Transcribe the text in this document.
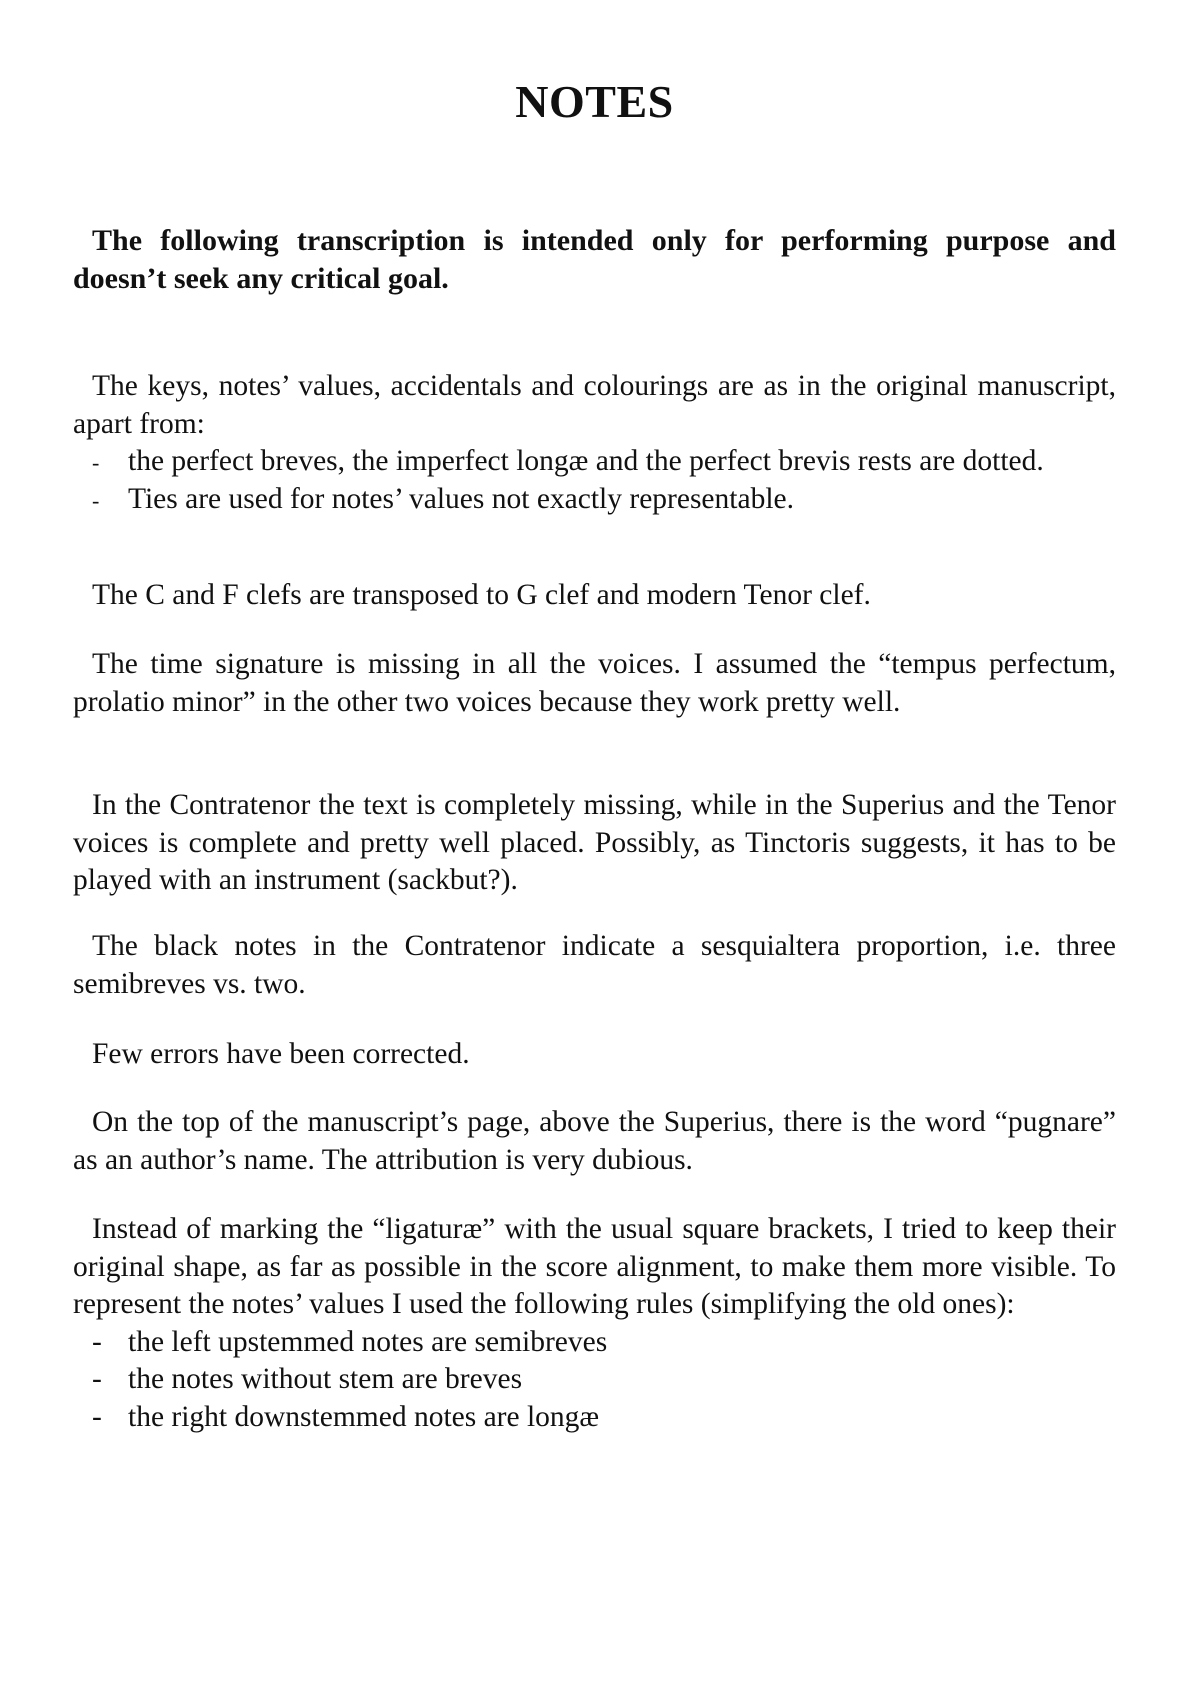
NOTES

The following transcription is intended only for performing purpose and doesn’t seek any critical goal.

The keys, notes’ values, accidentals and colourings are as in the original manuscript, apart from:

- the perfect breves, the imperfect longæ and the perfect brevis rests are dotted.
- Ties are used for notes’ values not exactly representable.

The C and F clefs are transposed to G clef and modern Tenor clef.

The time signature is missing in all the voices. I assumed the “tempus perfectum, prolatio minor” in the other two voices because they work pretty well.

In the Contratenor the text is completely missing, while in the Superius and the Tenor voices is complete and pretty well placed. Possibly, as Tinctoris suggests, it has to be played with an instrument (sackbut?).

The black notes in the Contratenor indicate a sesquialtera proportion, i.e. three semibreves vs. two.

Few errors have been corrected.

On the top of the manuscript’s page, above the Superius, there is the word “pugnare” as an author’s name. The attribution is very dubious.

Instead of marking the “ligaturæ” with the usual square brackets, I tried to keep their original shape, as far as possible in the score alignment, to make them more visible. To represent the notes’ values I used the following rules (simplifying the old ones):

- the left upstemmed notes are semibreves
- the notes without stem are breves
- the right downstemmed notes are longæ
